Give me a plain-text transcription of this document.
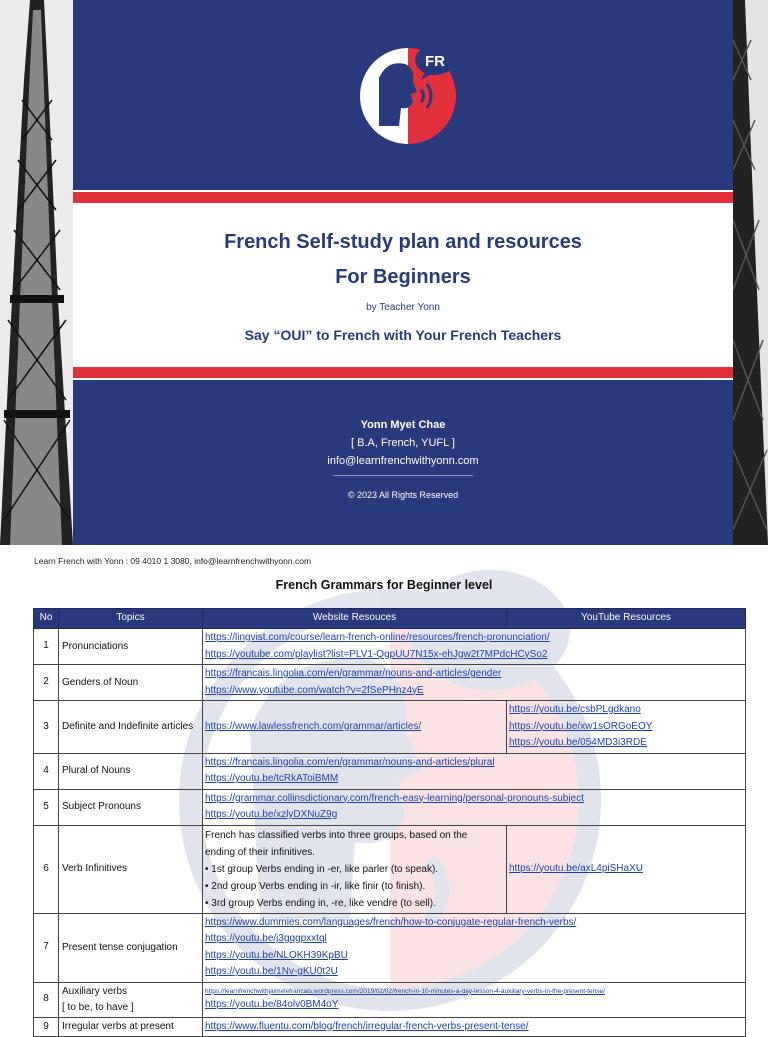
FR
French Self-study plan and resources
For Beginners
by Teacher Yonn
Say “OUI” to French with Your French Teachers
Yonn Myet Chae
[ B.A, French, YUFL ]
info@learnfrenchwithyonn.com
© 2023 All Rights Reserved
Learn French with Yonn : 09 4010 1 3080, info@learnfrenchwithyonn.com
French Grammars for Beginner level
No	Topics	Website Resouces	YouTube Resources
1	Pronunciations	https://lingvist.com/course/learn-french-online/resources/french-pronunciation/
https://youtube.com/playlist?list=PLV1-QgpUU7N15x-ehJgw2t7MPdcHCySo2	

2	Genders of Noun	https://francais.lingolia.com/en/grammar/nouns-and-articles/gender
https://www.youtube.com/watch?v=2fSePHnz4yE	

3	Definite and Indefinite articles	https://www.lawlessfrench.com/grammar/articles/	https://youtu.be/csbPLgdkano
https://youtu.be/xw1sORGoEOY
https://youtu.be/054MD3i3RDE

4	Plural of Nouns	https://francais.lingolia.com/en/grammar/nouns-and-articles/plural
https://youtu.be/tcRkAToiBMM	

5	Subject Pronouns	https://grammar.collinsdictionary.com/french-easy-learning/personal-pronouns-subject
https://youtu.be/xzlyDXNuZ9g	

6	Verb Infinitives	French has classified verbs into three groups, based on the
ending of their infinitives.
• 1st group Verbs ending in -er, like parler (to speak).
• 2nd group Verbs ending in -ir, like finir (to finish).
• 3rd group Verbs ending in, -re, like vendre (to sell).	https://youtu.be/axL4piSHaXU

7	Present tense conjugation	https://www.dummies.com/languages/french/how-to-conjugate-regular-french-verbs/
https://youtu.be/j3gqgpxxtql
https://youtu.be/NLOKH39KpBU
https://youtu.be/1Nv-gKU0t2U	

8	Auxiliary verbs
[ to be, to have ]	https://learnfrenchwithjaimelefrancais.wordpress.com/2019/02/02/french-in-10-minutes-a-day-lesson-4-auxiliary-verbs-in-the-present-tense/
https://youtu.be/84olv0BM4oY	

9	Irregular verbs at present	https://www.fluentu.com/blog/french/irregular-french-verbs-present-tense/	
